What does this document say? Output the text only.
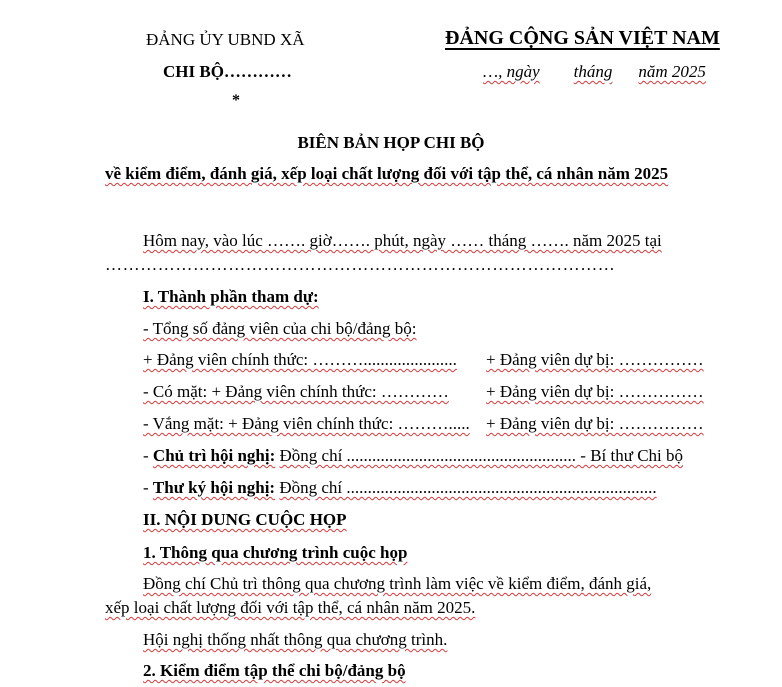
ĐẢNG ỦY UBND XÃ
CHI BỘ…………
*
ĐẢNG CỘNG SẢN VIỆT NAM
…, ngày tháng năm 2025
BIÊN BẢN HỌP CHI BỘ
về kiểm điểm, đánh giá, xếp loại chất lượng đối với tập thể, cá nhân năm 2025
Hôm nay, vào lúc ……. giờ……. phút, ngày …… tháng ……. năm 2025 tại
……………………………………………………………………………
I. Thành phần tham dự:
- Tổng số đảng viên của chi bộ/đảng bộ:
+ Đảng viên chính thức: ………...................... + Đảng viên dự bị: ……………
- Có mặt: + Đảng viên chính thức: ………… + Đảng viên dự bị: ……………
- Vắng mặt: + Đảng viên chính thức: ………..... + Đảng viên dự bị: ……………
- Chủ trì hội nghị: Đồng chí ...................................................... - Bí thư Chi bộ
- Thư ký hội nghị: Đồng chí .........................................................................
II. NỘI DUNG CUỘC HỌP
1. Thông qua chương trình cuộc họp
Đồng chí Chủ trì thông qua chương trình làm việc về kiểm điểm, đánh giá,
xếp loại chất lượng đối với tập thể, cá nhân năm 2025.
Hội nghị thống nhất thông qua chương trình.
2. Kiểm điểm tập thể chi bộ/đảng bộ
